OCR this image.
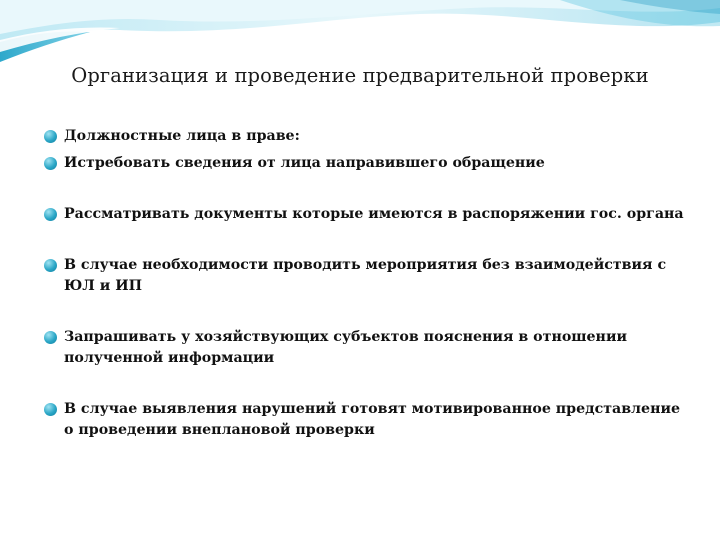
Организация и проведение предварительной проверки
Должностные лица в праве:
Истребовать сведения от лица направившего обращение
Рассматривать документы которые имеются в распоряжении гос. органа
В случае необходимости проводить мероприятия без взаимодействия с ЮЛ и ИП
Запрашивать у хозяйствующих субъектов пояснения в отношении полученной информации
В случае выявления нарушений готовят мотивированное представление о проведении внеплановой проверки
